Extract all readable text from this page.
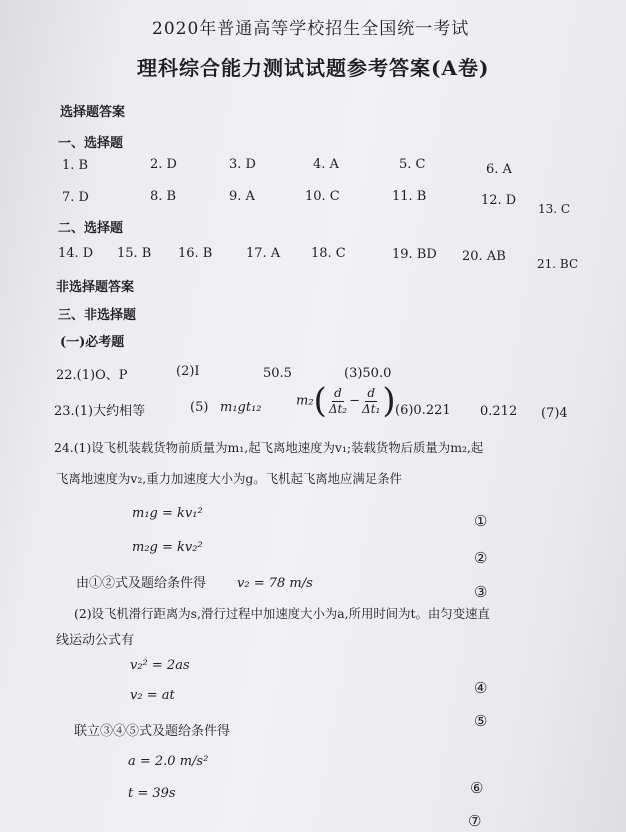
2020年普通高等学校招生全国统一考试
理科综合能力测试试题参考答案(A卷)
选择题答案
一、选择题
1. B	2. D	3. D	4. A	5. C	6. A
7. D	8. B	9. A	10. C	11. B	12. D
13. C
二、选择题
14. D 15. B 16. B	17. A 18. C	19. BD 20. AB	21. BC
非选择题答案
三、非选择题
(一)必考题
22.(1)O、P	(2)I	50.5	(3)50.0
23.(1)大约相等	(5) m₁gt₁₂	$m_2( \frac{d}{\text{Δt₂}} - \frac{d}{\text{Δt₁}}$ ) (6)0.221 0.212 (7)4
24.(1)设飞机装载货物前质量为m₁,起飞离地速度为v₁;装载货物后质量为m₂,起
飞离地速度为v₂,重力加速度大小为g。飞机起飞离地应满足条件
m₁g = kv₁²	①
m₂g = kv₂²
②
由①②式及题给条件得 v₂ = 78 m/s	③
(2)设飞机滑行距离为s,滑行过程中加速度大小为a,所用时间为t。由匀变速直
线运动公式有
v₂² = 2as
v₂ = at	④
⑤
联立③④⑤式及题给条件得
a = 2.0 m/s²
t = 39s	⑥
⑦
